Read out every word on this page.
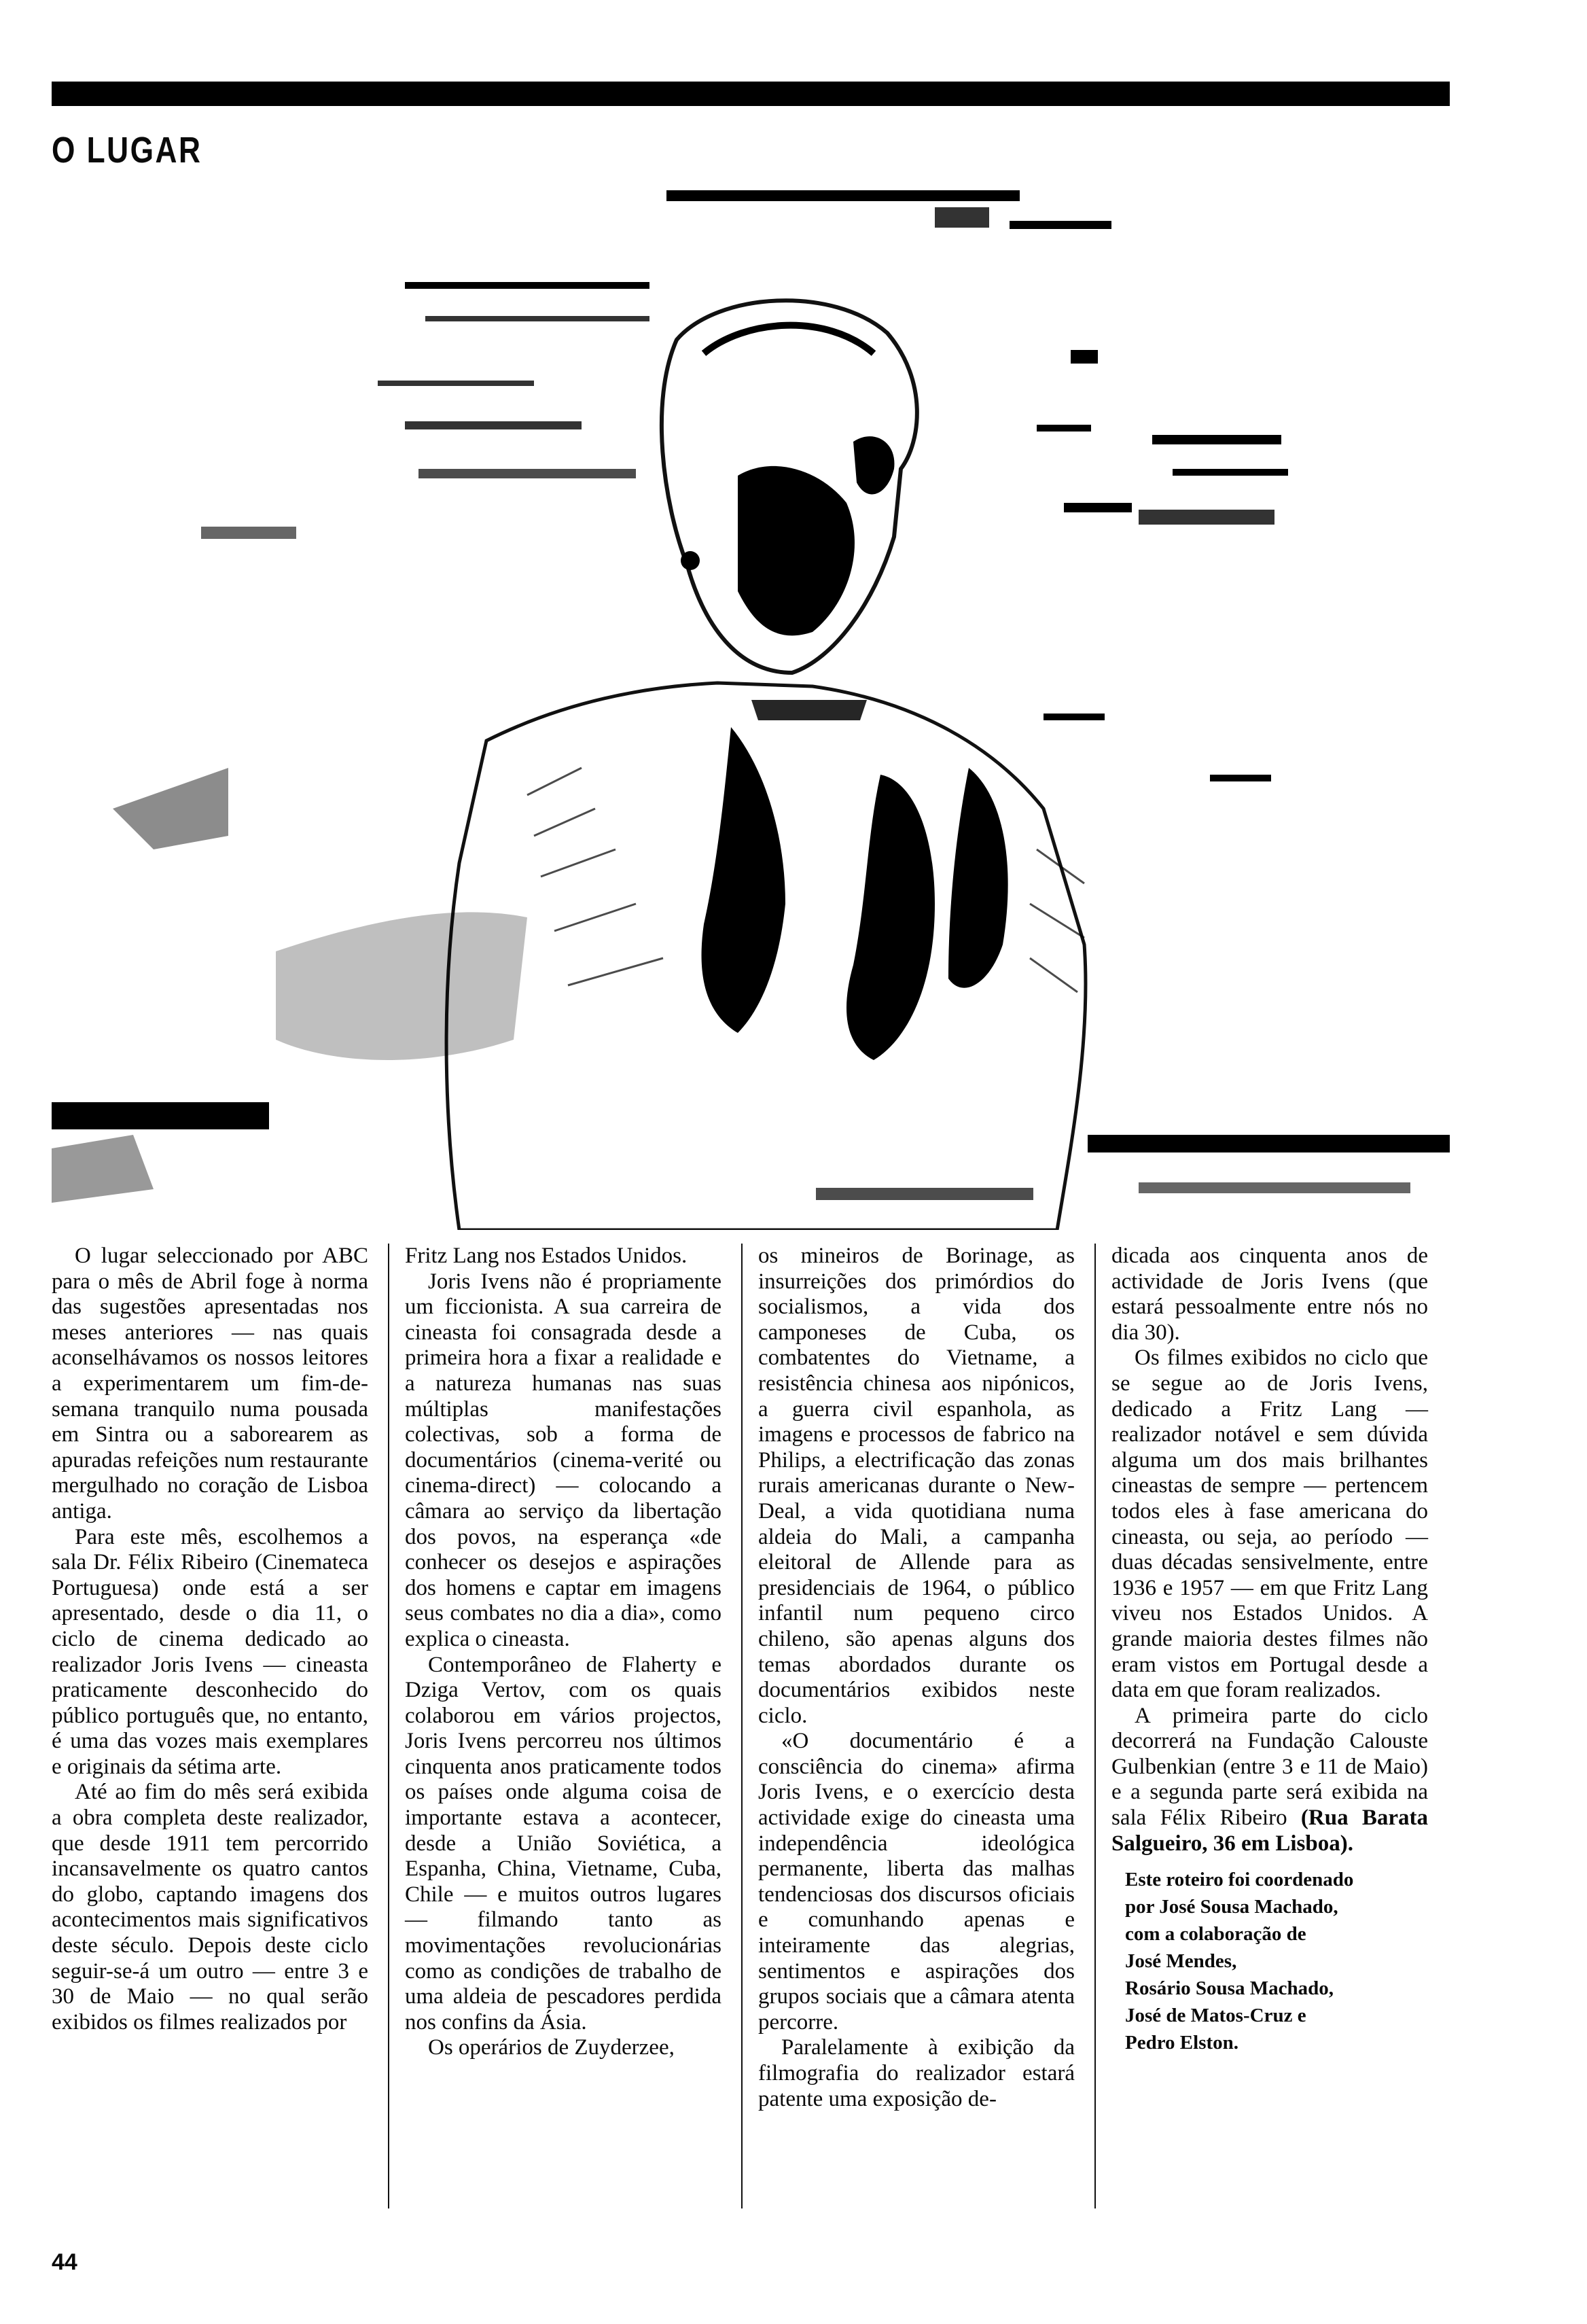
O LUGAR

O lugar seleccionado por ABC para o mês de Abril foge à norma das sugestões apresentadas nos meses anteriores — nas quais aconselhávamos os nossos leitores a experimentarem um fim-de-semana tranquilo numa pousada em Sintra ou a saborearem as apuradas refeições num restaurante mergulhado no coração de Lisboa antiga.

Para este mês, escolhemos a sala Dr. Félix Ribeiro (Cinemateca Portuguesa) onde está a ser apresentado, desde o dia 11, o ciclo de cinema dedicado ao realizador Joris Ivens — cineasta praticamente desconhecido do público português que, no entanto, é uma das vozes mais exemplares e originais da sétima arte.

Até ao fim do mês será exibida a obra completa deste realizador, que desde 1911 tem percorrido incansavelmente os quatro cantos do globo, captando imagens dos acontecimentos mais significativos deste século. Depois deste ciclo seguir-se-á um outro — entre 3 e 30 de Maio — no qual serão exibidos os filmes realizados por

Fritz Lang nos Estados Unidos.

Joris Ivens não é propriamente um ficcionista. A sua carreira de cineasta foi consagrada desde a primeira hora a fixar a realidade e a natureza humanas nas suas múltiplas manifestações colectivas, sob a forma de documentários (cinema-verité ou cinema-direct) — colocando a câmara ao serviço da libertação dos povos, na esperança «de conhecer os desejos e aspirações dos homens e captar em imagens seus combates no dia a dia», como explica o cineasta.

Contemporâneo de Flaherty e Dziga Vertov, com os quais colaborou em vários projectos, Joris Ivens percorreu nos últimos cinquenta anos praticamente todos os países onde alguma coisa de importante estava a acontecer, desde a União Soviética, a Espanha, China, Vietname, Cuba, Chile — e muitos outros lugares — filmando tanto as movimentações revolucionárias como as condições de trabalho de uma aldeia de pescadores perdida nos confins da Ásia.

Os operários de Zuyderzee,

os mineiros de Borinage, as insurreições dos primórdios do socialismos, a vida dos camponeses de Cuba, os combatentes do Vietname, a resistência chinesa aos nipónicos, a guerra civil espanhola, as imagens e processos de fabrico na Philips, a electrificação das zonas rurais americanas durante o New-Deal, a vida quotidiana numa aldeia do Mali, a campanha eleitoral de Allende para as presidenciais de 1964, o público infantil num pequeno circo chileno, são apenas alguns dos temas abordados durante os documentários exibidos neste ciclo.

«O documentário é a consciência do cinema» afirma Joris Ivens, e o exercício desta actividade exige do cineasta uma independência ideológica permanente, liberta das malhas tendenciosas dos discursos oficiais e comunhando apenas e inteiramente das alegrias, sentimentos e aspirações dos grupos sociais que a câmara atenta percorre.

Paralelamente à exibição da filmografia do realizador estará patente uma exposição de-

dicada aos cinquenta anos de actividade de Joris Ivens (que estará pessoalmente entre nós no dia 30).

Os filmes exibidos no ciclo que se segue ao de Joris Ivens, dedicado a Fritz Lang — realizador notável e sem dúvida alguma um dos mais brilhantes cineastas de sempre — pertencem todos eles à fase americana do cineasta, ou seja, ao período — duas décadas sensivelmente, entre 1936 e 1957 — em que Fritz Lang viveu nos Estados Unidos. A grande maioria destes filmes não eram vistos em Portugal desde a data em que foram realizados.

A primeira parte do ciclo decorrerá na Fundação Calouste Gulbenkian (entre 3 e 11 de Maio) e a segunda parte será exibida na sala Félix Ribeiro (Rua Barata Salgueiro, 36 em Lisboa).

Este roteiro foi coordenado
por José Sousa Machado,
com a colaboração de
José Mendes,
Rosário Sousa Machado,
José de Matos-Cruz e
Pedro Elston.

44
